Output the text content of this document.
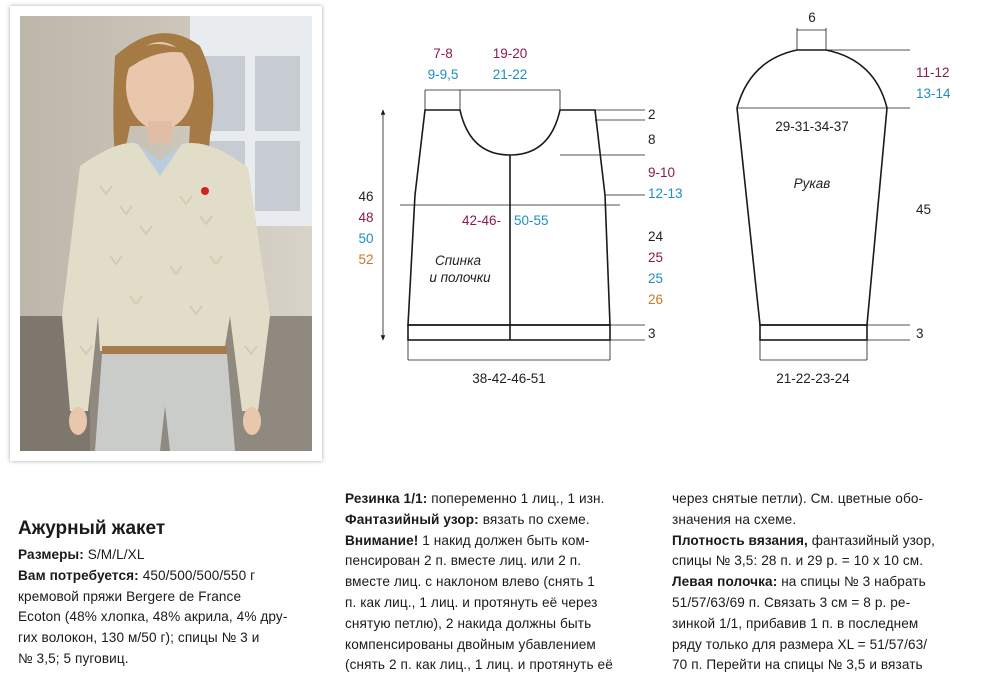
7-8
9-9,5
19-20
21-22
2
8
9-10
12-13
42-46- 50-55
46
48
50
52
24
25
25
26
3
38-42-46-51
Спинка
и полочки
6
11-12
13-14
29-31-34-37
Рукав
45
3
21-22-23-24
Ажурный жакет

Размеры: S/M/L/XL

Вам потребуется: 450/500/500/550 г

кремовой пряжи Bergere de France

Ecoton (48% хлопка, 48% акрила, 4% дру-

гих волокон, 130 м/50 г); спицы № 3 и

№ 3,5; 5 пуговиц.

Резинка 1/1: попеременно 1 лиц., 1 изн.

Фантазийный узор: вязать по схеме.

Внимание! 1 накид должен быть ком-

пенсирован 2 п. вместе лиц. или 2 п.

вместе лиц. с наклоном влево (снять 1

п. как лиц., 1 лиц. и протянуть её через

снятую петлю), 2 накида должны быть

компенсированы двойным убавлением

(снять 2 п. как лиц., 1 лиц. и протянуть её

через снятые петли). См. цветные обо-

значения на схеме.

Плотность вязания, фантазийный узор,

спицы № 3,5: 28 п. и 29 р. = 10 х 10 см.

Левая полочка: на спицы № 3 набрать

51/57/63/69 п. Связать 3 см = 8 р. ре-

зинкой 1/1, прибавив 1 п. в последнем

ряду только для размера XL = 51/57/63/

70 п. Перейти на спицы № 3,5 и вязать
